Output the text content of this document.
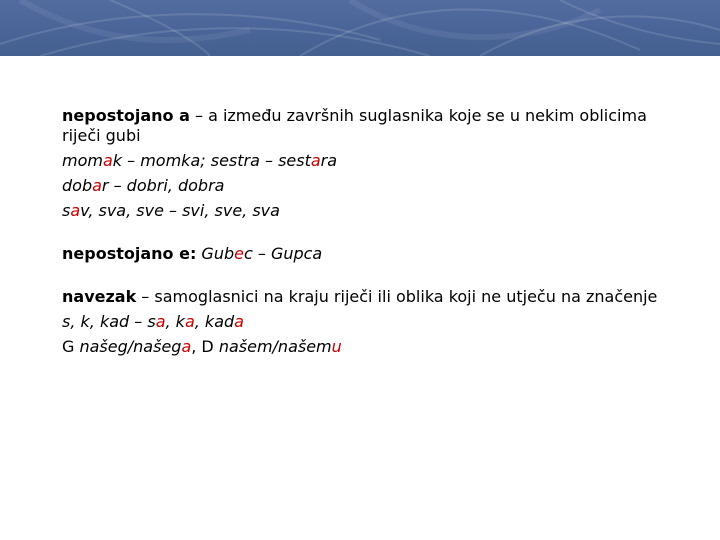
nepostojano a – a između završnih suglasnika koje se u nekim oblicima riječi gubi

momak – momka; sestra – sestara

dobar – dobri, dobra

sav, sva, sve – svi, sve, sva

nepostojano e: Gubec – Gupca

navezak – samoglasnici na kraju riječi ili oblika koji ne utječu na značenje

s, k, kad – sa, ka, kada

G našeg/našega, D našem/našemu
